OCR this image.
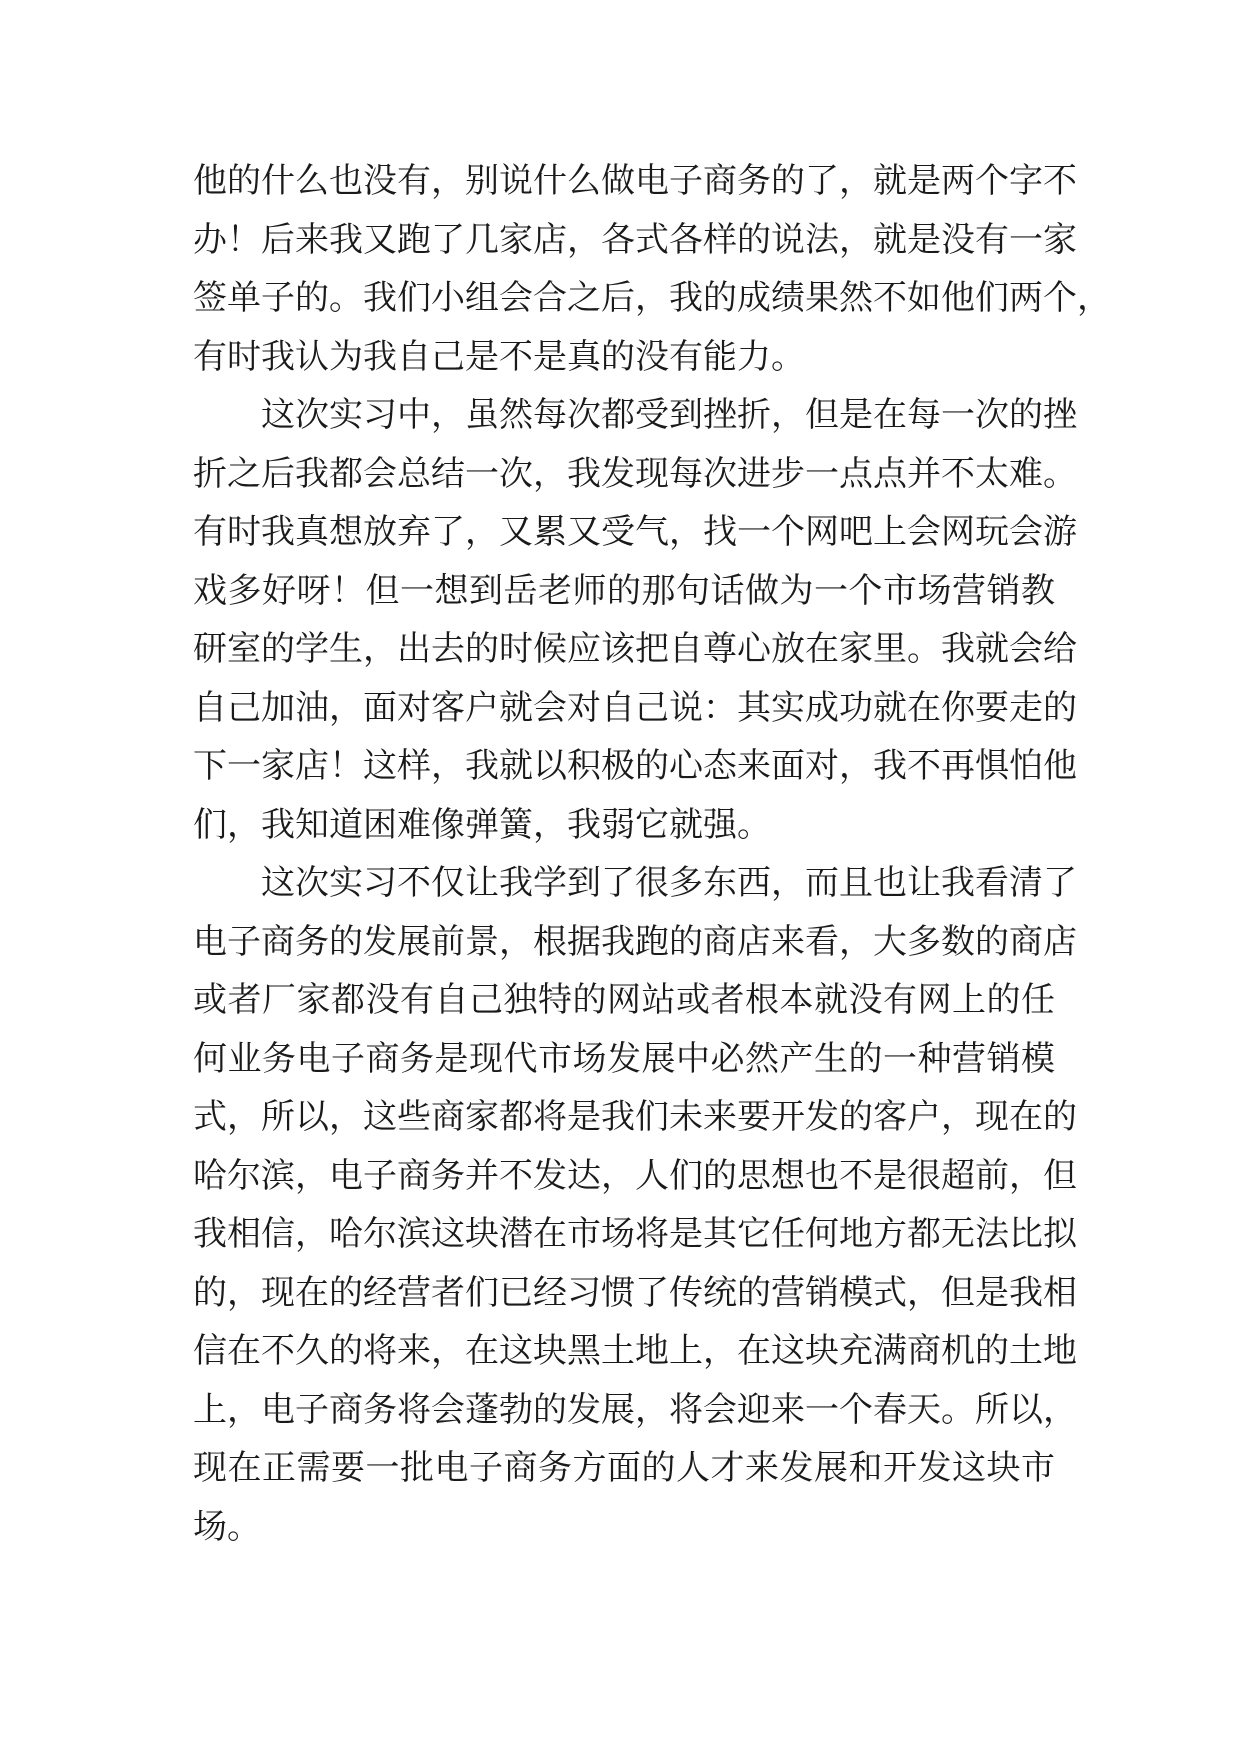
他的什么也没有，别说什么做电子商务的了，就是两个字不
办！后来我又跑了几家店，各式各样的说法，就是没有一家
签单子的。我们小组会合之后，我的成绩果然不如他们两个，
有时我认为我自己是不是真的没有能力。
这次实习中，虽然每次都受到挫折，但是在每一次的挫
折之后我都会总结一次，我发现每次进步一点点并不太难。
有时我真想放弃了，又累又受气，找一个网吧上会网玩会游
戏多好呀！但一想到岳老师的那句话做为一个市场营销教
研室的学生，出去的时候应该把自尊心放在家里。我就会给
自己加油，面对客户就会对自己说：其实成功就在你要走的
下一家店！这样，我就以积极的心态来面对，我不再惧怕他
们，我知道困难像弹簧，我弱它就强。
这次实习不仅让我学到了很多东西，而且也让我看清了
电子商务的发展前景，根据我跑的商店来看，大多数的商店
或者厂家都没有自己独特的网站或者根本就没有网上的任
何业务电子商务是现代市场发展中必然产生的一种营销模
式，所以，这些商家都将是我们未来要开发的客户，现在的
哈尔滨，电子商务并不发达，人们的思想也不是很超前，但
我相信，哈尔滨这块潜在市场将是其它任何地方都无法比拟
的，现在的经营者们已经习惯了传统的营销模式，但是我相
信在不久的将来，在这块黑土地上，在这块充满商机的土地
上，电子商务将会蓬勃的发展，将会迎来一个春天。所以，
现在正需要一批电子商务方面的人才来发展和开发这块市
场。
